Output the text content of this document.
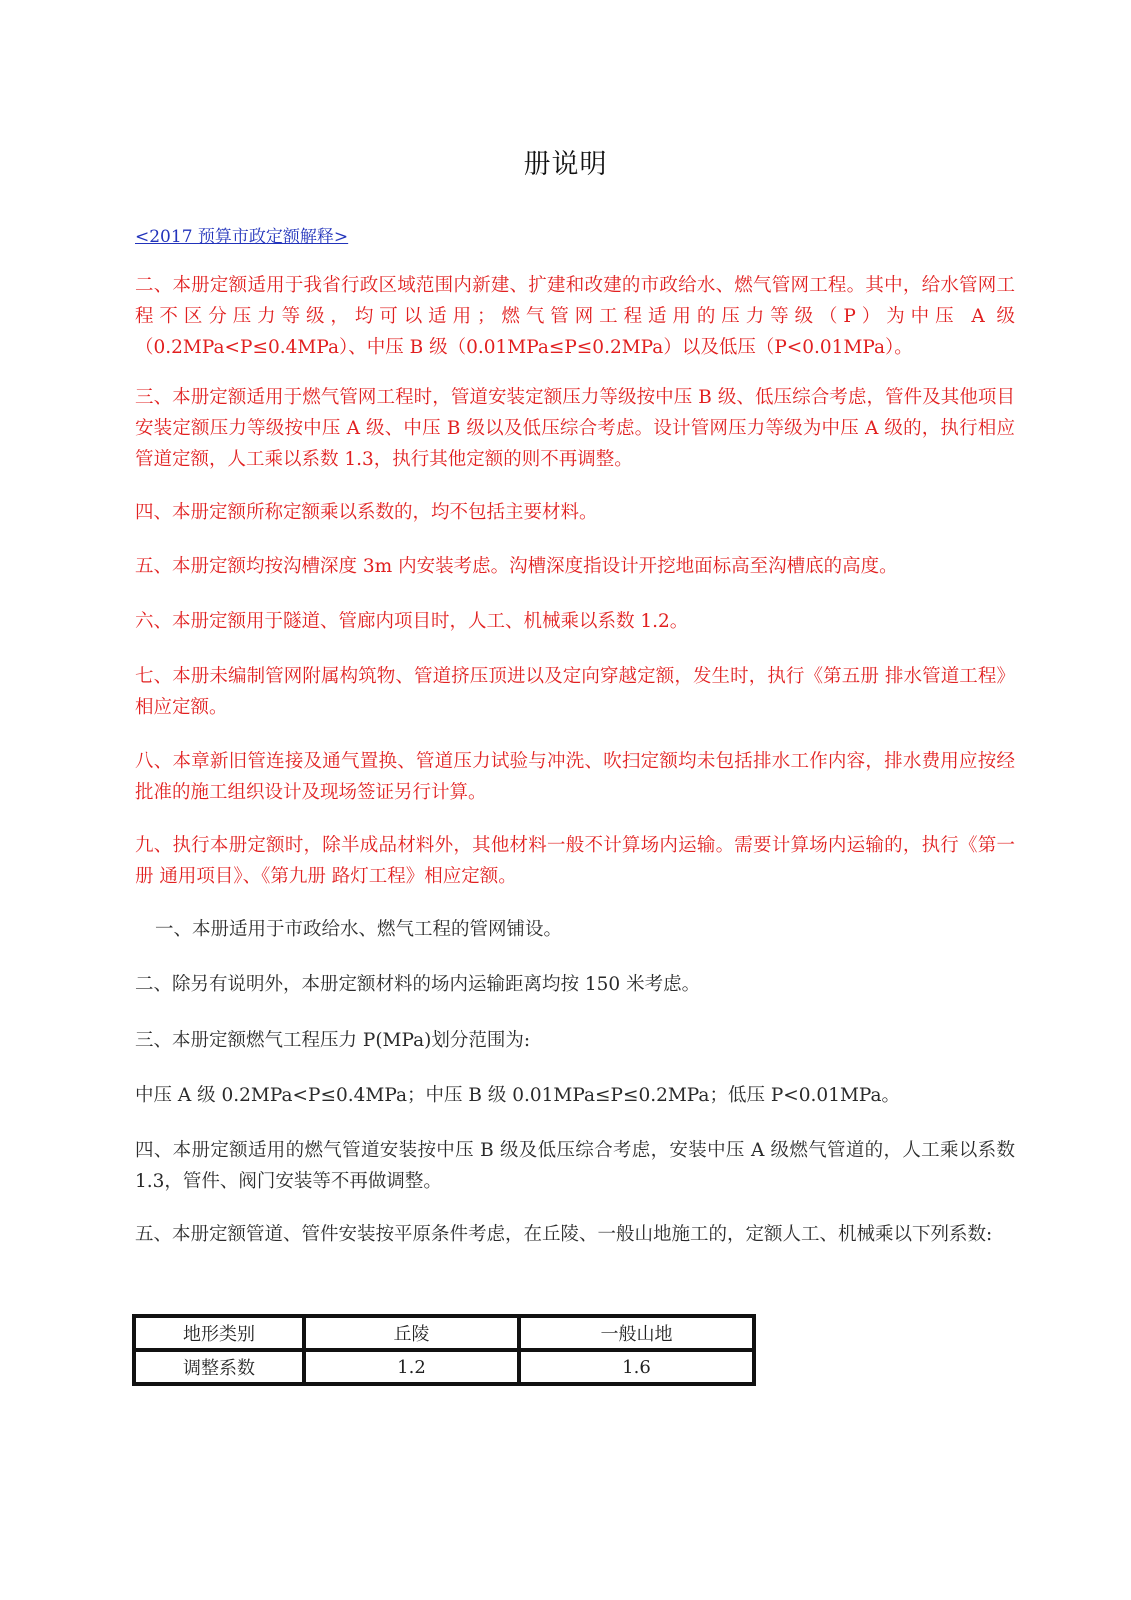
册说明
<2017 预算市政定额解释>

二、本册定额适用于我省行政区域范围内新建、扩建和改建的市政给水、燃气管网工程。其中，给水管网工程不区分压力等级，均可以适用；燃气管网工程适用的压力等级（P）为中压 A 级（0.2MPa<P≤0.4MPa）、中压 B 级（0.01MPa≤P≤0.2MPa）以及低压（P<0.01MPa）。

三、本册定额适用于燃气管网工程时，管道安装定额压力等级按中压 B 级、低压综合考虑，管件及其他项目安装定额压力等级按中压 A 级、中压 B 级以及低压综合考虑。设计管网压力等级为中压 A 级的，执行相应管道定额，人工乘以系数 1.3，执行其他定额的则不再调整。

四、本册定额所称定额乘以系数的，均不包括主要材料。

五、本册定额均按沟槽深度 3m 内安装考虑。沟槽深度指设计开挖地面标高至沟槽底的高度。

六、本册定额用于隧道、管廊内项目时，人工、机械乘以系数 1.2。

七、本册未编制管网附属构筑物、管道挤压顶进以及定向穿越定额，发生时，执行《第五册 排水管道工程》相应定额。

八、本章新旧管连接及通气置换、管道压力试验与冲洗、吹扫定额均未包括排水工作内容，排水费用应按经批准的施工组织设计及现场签证另行计算。

九、执行本册定额时，除半成品材料外，其他材料一般不计算场内运输。需要计算场内运输的，执行《第一册 通用项目》、《第九册 路灯工程》相应定额。

一、本册适用于市政给水、燃气工程的管网铺设。

二、除另有说明外，本册定额材料的场内运输距离均按 150 米考虑。

三、本册定额燃气工程压力 P(MPa)划分范围为:

中压 A 级 0.2MPa<P≤0.4MPa；中压 B 级 0.01MPa≤P≤0.2MPa；低压 P<0.01MPa。

四、本册定额适用的燃气管道安装按中压 B 级及低压综合考虑，安装中压 A 级燃气管道的，人工乘以系数 1.3，管件、阀门安装等不再做调整。

五、本册定额管道、管件安装按平原条件考虑，在丘陵、一般山地施工的，定额人工、机械乘以下列系数:

地形类别	丘陵	一般山地
调整系数	1.2	1.6
